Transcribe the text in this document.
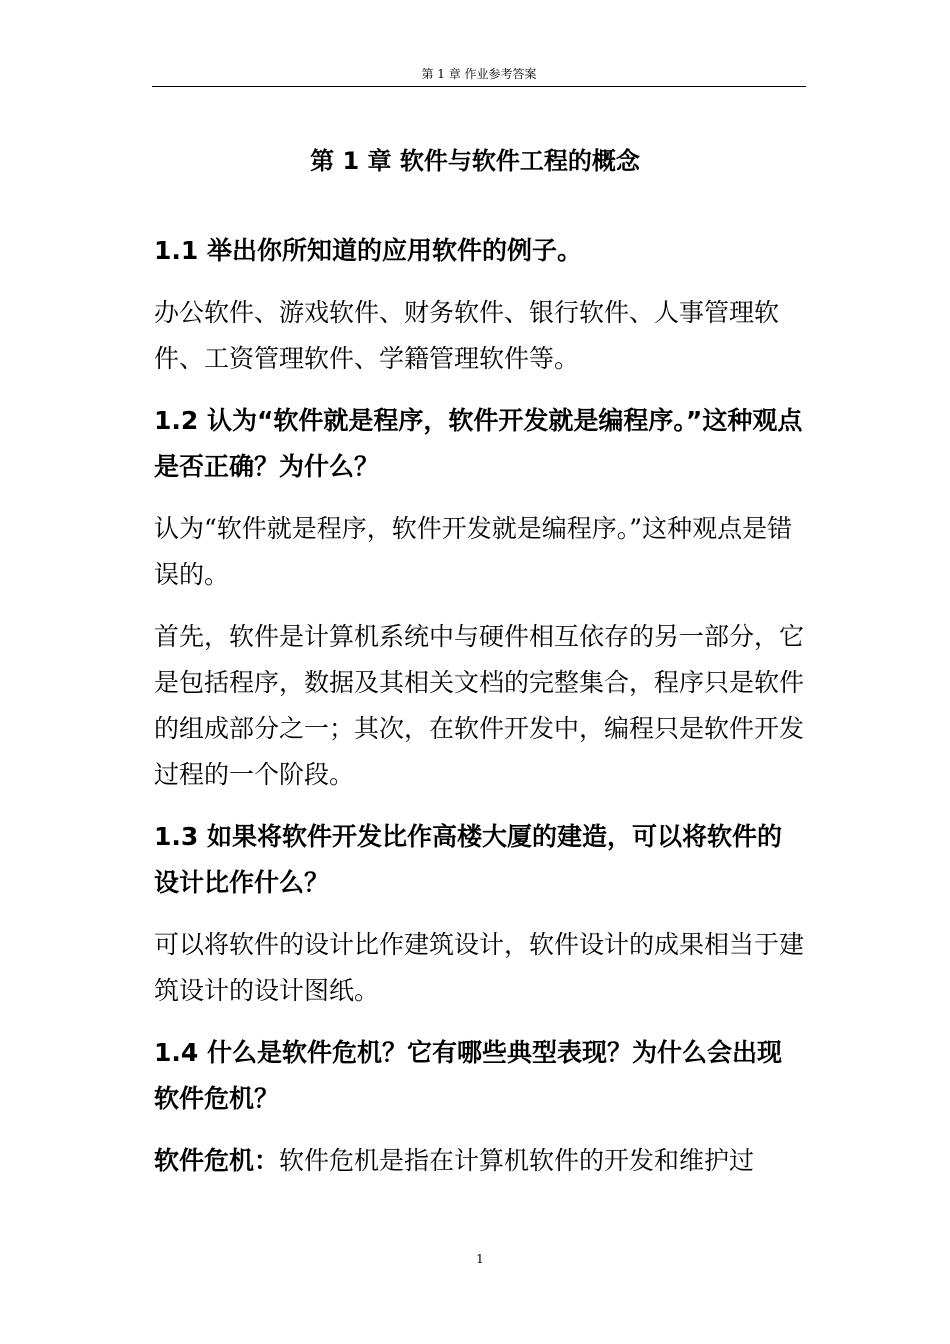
第 1 章 作业参考答案
第 1 章 软件与软件工程的概念

1.1 举出你所知道的应用软件的例子。

办公软件、游戏软件、财务软件、银行软件、人事管理软件、工资管理软件、学籍管理软件等。

1.2 认为“软件就是程序，软件开发就是编程序。”这种观点是否正确？为什么？

认为“软件就是程序，软件开发就是编程序。”这种观点是错误的。

首先，软件是计算机系统中与硬件相互依存的另一部分，它是包括程序，数据及其相关文档的完整集合，程序只是软件的组成部分之一；其次，在软件开发中，编程只是软件开发过程的一个阶段。

1.3 如果将软件开发比作高楼大厦的建造，可以将软件的设计比作什么？

可以将软件的设计比作建筑设计，软件设计的成果相当于建筑设计的设计图纸。

1.4 什么是软件危机？它有哪些典型表现？为什么会出现软件危机？

软件危机：软件危机是指在计算机软件的开发和维护过

1
